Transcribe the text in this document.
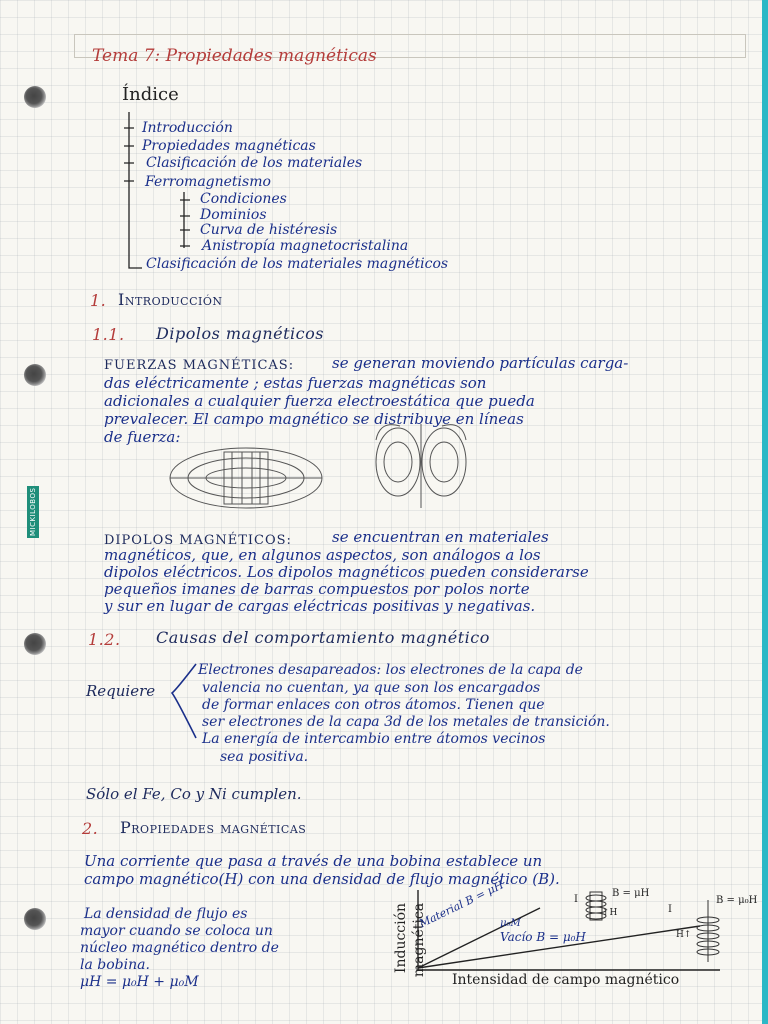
MICKILOBOS
Tema 7: Propiedades magnéticas
Índice
Introducción
Propiedades magnéticas
Clasificación de los materiales
Ferromagnetismo
Condiciones
Dominios
Curva de histéresis
Anistropía magnetocristalina
Clasificación de los materiales magnéticos
1. Introducción
1.1. Dipolos magnéticos
FUERZAS MAGNÉTICAS:	se generan moviendo partículas carga-
das eléctricamente ; estas fuerzas magnéticas son
adicionales a cualquier fuerza electroestática que pueda
prevalecer. El campo magnético se distribuye en líneas
de fuerza:
DIPOLOS MAGNÉTICOS:	se encuentran en materiales
magnéticos, que, en algunos aspectos, son análogos a los
dipolos eléctricos. Los dipolos magnéticos pueden considerarse
pequeños imanes de barras compuestos por polos norte
y sur en lugar de cargas eléctricas positivas y negativas.
1.2. Causas del comportamiento magnético
Requiere
Electrones desapareados: los electrones de la capa de
valencia no cuentan, ya que son los encargados
de formar enlaces con otros átomos. Tienen que
ser electrones de la capa 3d de los metales de transición.
La energía de intercambio entre átomos vecinos
sea positiva.
Sólo el Fe, Co y Ni cumplen.
2. Propiedades magnéticas
Una corriente que pasa a través de una bobina establece un
campo magnético(H) con una densidad de flujo magnético (B).
La densidad de flujo es
mayor cuando se coloca un
núcleo magnético dentro de
la bobina.
μH = μ₀H + μ₀M
Inducción magnética
Intensidad de campo magnético
Material B = μH
Vacío B = μ₀H
μ₀M
B = μH
I
↑H
B = μ₀H
I
H↑
